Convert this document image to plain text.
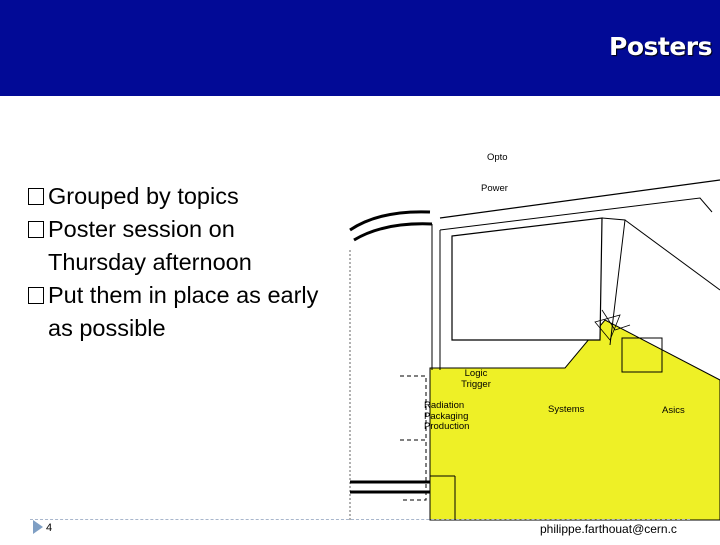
Posters
Grouped by topics
Poster session on Thursday afternoon
Put them in place as early as possible
Opto
Power
Logic Trigger
Radiation Packaging Production
Systems	Asics
4	philippe.farthouat@cern.c
